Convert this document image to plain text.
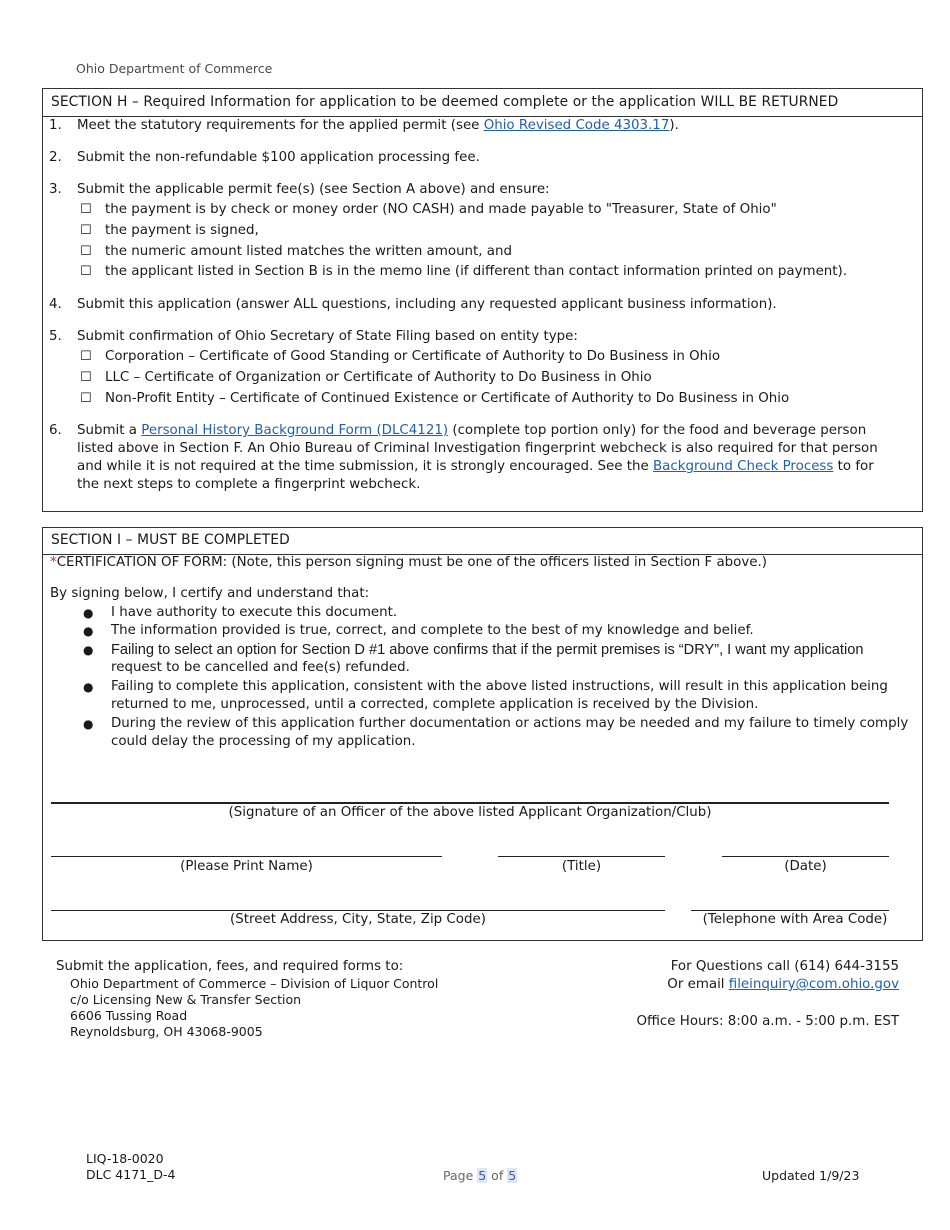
Ohio Department of Commerce
SECTION H – Required Information for application to be deemed complete or the application WILL BE RETURNED
1. Meet the statutory requirements for the applied permit (see Ohio Revised Code 4303.17).
2. Submit the non-refundable $100 application processing fee.
3. Submit the applicable permit fee(s) (see Section A above) and ensure:
☐ the payment is by check or money order (NO CASH) and made payable to "Treasurer, State of Ohio"
☐ the payment is signed,
☐ the numeric amount listed matches the written amount, and
☐ the applicant listed in Section B is in the memo line (if different than contact information printed on payment).
4. Submit this application (answer ALL questions, including any requested applicant business information).
5. Submit confirmation of Ohio Secretary of State Filing based on entity type:
☐ Corporation – Certificate of Good Standing or Certificate of Authority to Do Business in Ohio
☐ LLC – Certificate of Organization or Certificate of Authority to Do Business in Ohio
☐ Non-Profit Entity – Certificate of Continued Existence or Certificate of Authority to Do Business in Ohio
6. Submit a Personal History Background Form (DLC4121) (complete top portion only) for the food and beverage person
listed above in Section F. An Ohio Bureau of Criminal Investigation fingerprint webcheck is also required for that person
and while it is not required at the time submission, it is strongly encouraged. See the Background Check Process to for
the next steps to complete a fingerprint webcheck.
SECTION I – MUST BE COMPLETED
*CERTIFICATION OF FORM: (Note, this person signing must be one of the officers listed in Section F above.)
By signing below, I certify and understand that:
● I have authority to execute this document.
● The information provided is true, correct, and complete to the best of my knowledge and belief.
● Failing to select an option for Section D #1 above confirms that if the permit premises is “DRY”, I want my application
request to be cancelled and fee(s) refunded.
● Failing to complete this application, consistent with the above listed instructions, will result in this application being
returned to me, unprocessed, until a corrected, complete application is received by the Division.
● During the review of this application further documentation or actions may be needed and my failure to timely comply
could delay the processing of my application.
(Signature of an Officer of the above listed Applicant Organization/Club)
(Please Print Name)	(Title)	(Date)
(Street Address, City, State, Zip Code)	(Telephone with Area Code)
Submit the application, fees, and required forms to:
Ohio Department of Commerce – Division of Liquor Control
c/o Licensing New & Transfer Section
6606 Tussing Road
Reynoldsburg, OH 43068-9005
For Questions call (614) 644-3155
Or email fileinquiry@com.ohio.gov
Office Hours: 8:00 a.m. - 5:00 p.m. EST
LIQ-18-0020
DLC 4171_D-4	Page 5 of 5	Updated 1/9/23
